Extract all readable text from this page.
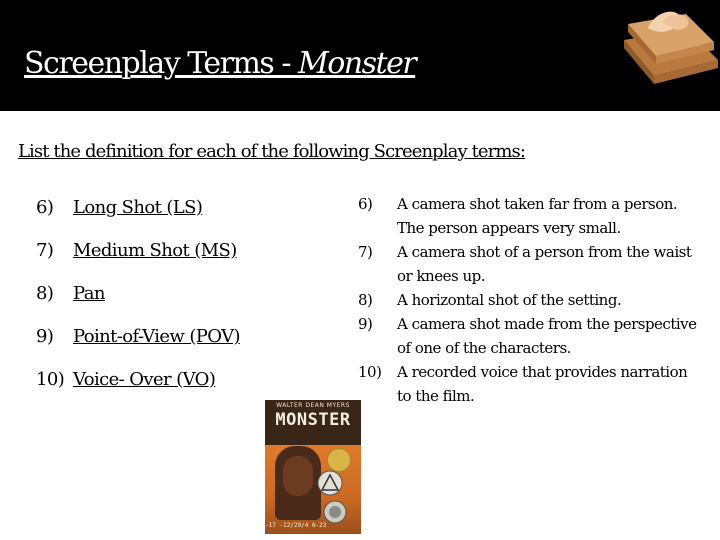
Screenplay Terms - Monster
List the definition for each of the following Screenplay terms:
6) Long Shot (LS)
7) Medium Shot (MS)
8) Pan
9) Point-of-View (POV)
10) Voice- Over (VO)
6) A camera shot taken far from a person. The person appears very small.
7) A camera shot of a person from the waist or knees up.
8) A horizontal shot of the setting.
9) A camera shot made from the perspective of one of the characters.
10) A recorded voice that provides narration to the film.
WALTER DEAN MYERS
MONSTER
-17 -12/29/4 6-23
